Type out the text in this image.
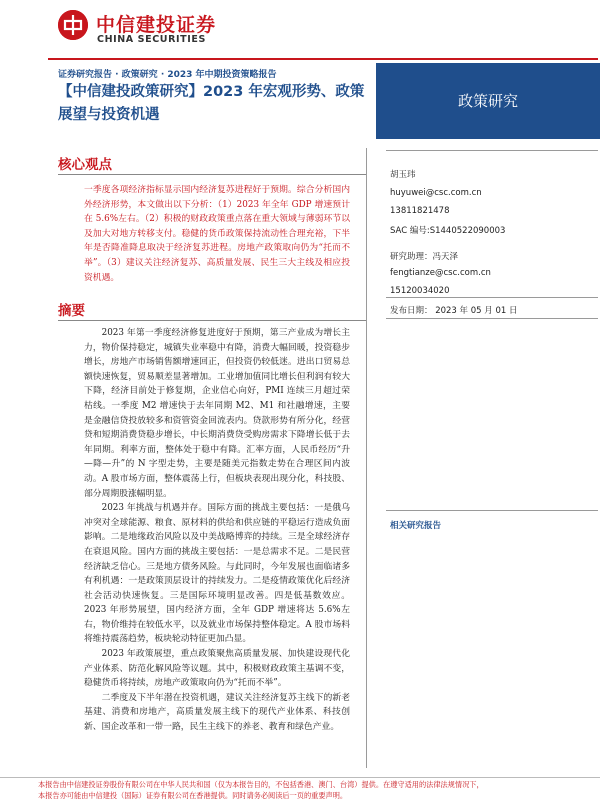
中信建投证券
CHINA SECURITIES
证券研究报告 · 政策研究 · 2023 年中期投资策略报告
【中信建投政策研究】2023 年宏观形势、政策展望与投资机遇
政策研究
核心观点

一季度各项经济指标显示国内经济复苏进程好于预期。综合分析国内外经济形势，本文做出以下分析：（1）2023 年全年 GDP 增速预计在 5.6%左右。（2）积极的财政政策重点落在重大领域与薄弱环节以及加大对地方转移支付。稳健的货币政策保持流动性合理充裕，下半年是否降准降息取决于经济复苏进程。房地产政策取向仍为“托而不举”。（3）建议关注经济复苏、高质量发展、民生三大主线及相应投资机遇。

摘要

2023 年第一季度经济修复进度好于预期，第三产业成为增长主力，物价保持稳定，城镇失业率稳中有降，消费大幅回暖，投资稳步增长，房地产市场销售额增速回正，但投资仍较低迷。进出口贸易总额快速恢复，贸易顺差显著增加。工业增加值同比增长但利润有较大下降，经济目前处于修复期，企业信心向好，PMI 连续三月超过荣枯线。一季度 M2 增速快于去年同期 M2、M1 和社融增速，主要是金融信贷投放较多和资管资金回流表内。贷款形势有所分化，经营贷和短期消费贷稳步增长，中长期消费贷受购房需求下降增长低于去年同期。利率方面，整体处于稳中有降。汇率方面，人民币经历“升—降—升”的 N 字型走势，主要是随美元指数走势在合理区间内波动。A 股市场方面，整体震荡上行，但板块表现出现分化，科技股、部分周期股涨幅明显。

2023 年挑战与机遇并存。国际方面的挑战主要包括：一是俄乌冲突对全球能源、粮食、原材料的供给和供应链的平稳运行造成负面影响。二是地缘政治风险以及中美战略博弈的持续。三是全球经济存在衰退风险。国内方面的挑战主要包括：一是总需求不足。二是民营经济缺乏信心。三是地方债务风险。与此同时，今年发展也面临诸多有利机遇：一是政策顶层设计的持续发力。二是疫情政策优化后经济社会活动快速恢复。三是国际环境明显改善。四是低基数效应。2023 年形势展望，国内经济方面，全年 GDP 增速将达 5.6%左右，物价维持在较低水平，以及就业市场保持整体稳定。A 股市场料将维持震荡趋势，板块轮动特征更加凸显。

2023 年政策展望，重点政策聚焦高质量发展、加快建设现代化产业体系、防范化解风险等议题。其中，积极财政政策主基调不变，稳健货币将持续，房地产政策取向仍为“托而不举”。

二季度及下半年潜在投资机遇，建议关注经济复苏主线下的新老基建、消费和房地产，高质量发展主线下的现代产业体系、科技创新、国企改革和一带一路，民生主线下的养老、教育和绿色产业。

胡玉玮
huyuwei@csc.com.cn
13811821478
SAC 编号:S1440522090003
研究助理：冯天泽
fengtianze@csc.com.cn
15120034020
发布日期： 2023 年 05 月 01 日
相关研究报告
本报告由中信建投证券股份有限公司在中华人民共和国（仅为本报告目的，不包括香港、澳门、台湾）提供。在遵守适用的法律法规情况下，
本报告亦可能由中信建投（国际）证券有限公司在香港提供。同时请务必阅读后一页的重要声明。
